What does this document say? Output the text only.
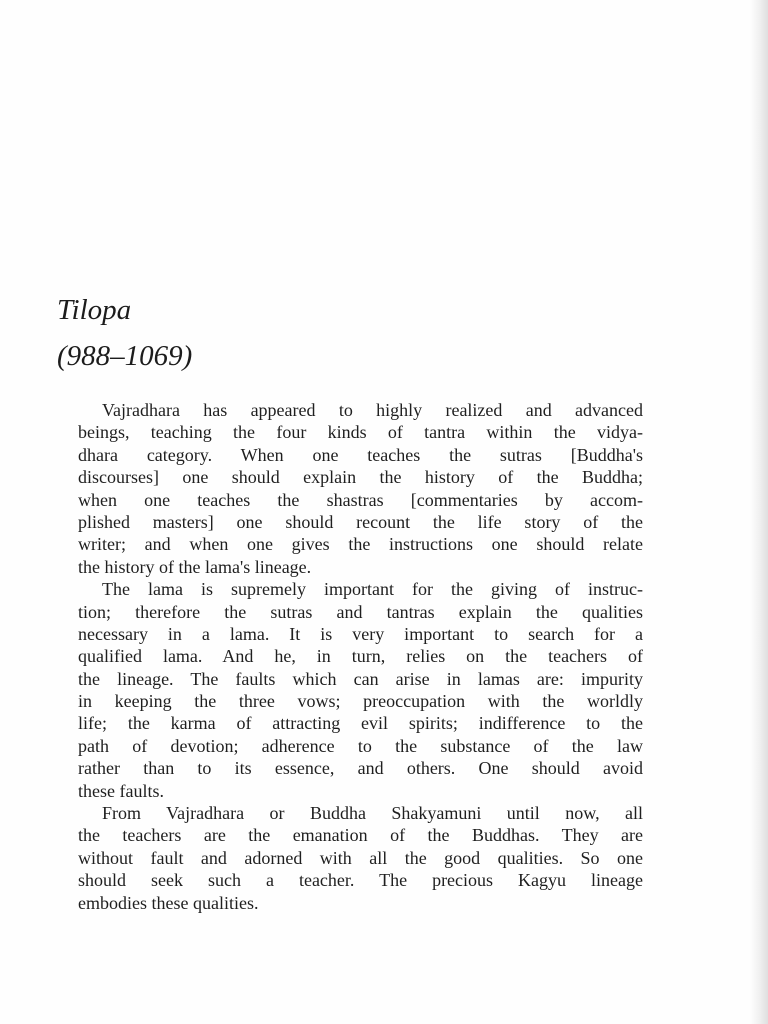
Tilopa
(988–1069)
Vajradhara has appeared to highly realized and advanced
beings, teaching the four kinds of tantra within the vidya-
dhara category. When one teaches the sutras [Buddha's
discourses] one should explain the history of the Buddha;
when one teaches the shastras [commentaries by accom-
plished masters] one should recount the life story of the
writer; and when one gives the instructions one should relate
the history of the lama's lineage.
The lama is supremely important for the giving of instruc-
tion; therefore the sutras and tantras explain the qualities
necessary in a lama. It is very important to search for a
qualified lama. And he, in turn, relies on the teachers of
the lineage. The faults which can arise in lamas are: impurity
in keeping the three vows; preoccupation with the worldly
life; the karma of attracting evil spirits; indifference to the
path of devotion; adherence to the substance of the law
rather than to its essence, and others. One should avoid
these faults.
From Vajradhara or Buddha Shakyamuni until now, all
the teachers are the emanation of the Buddhas. They are
without fault and adorned with all the good qualities. So one
should seek such a teacher. The precious Kagyu lineage
embodies these qualities.
